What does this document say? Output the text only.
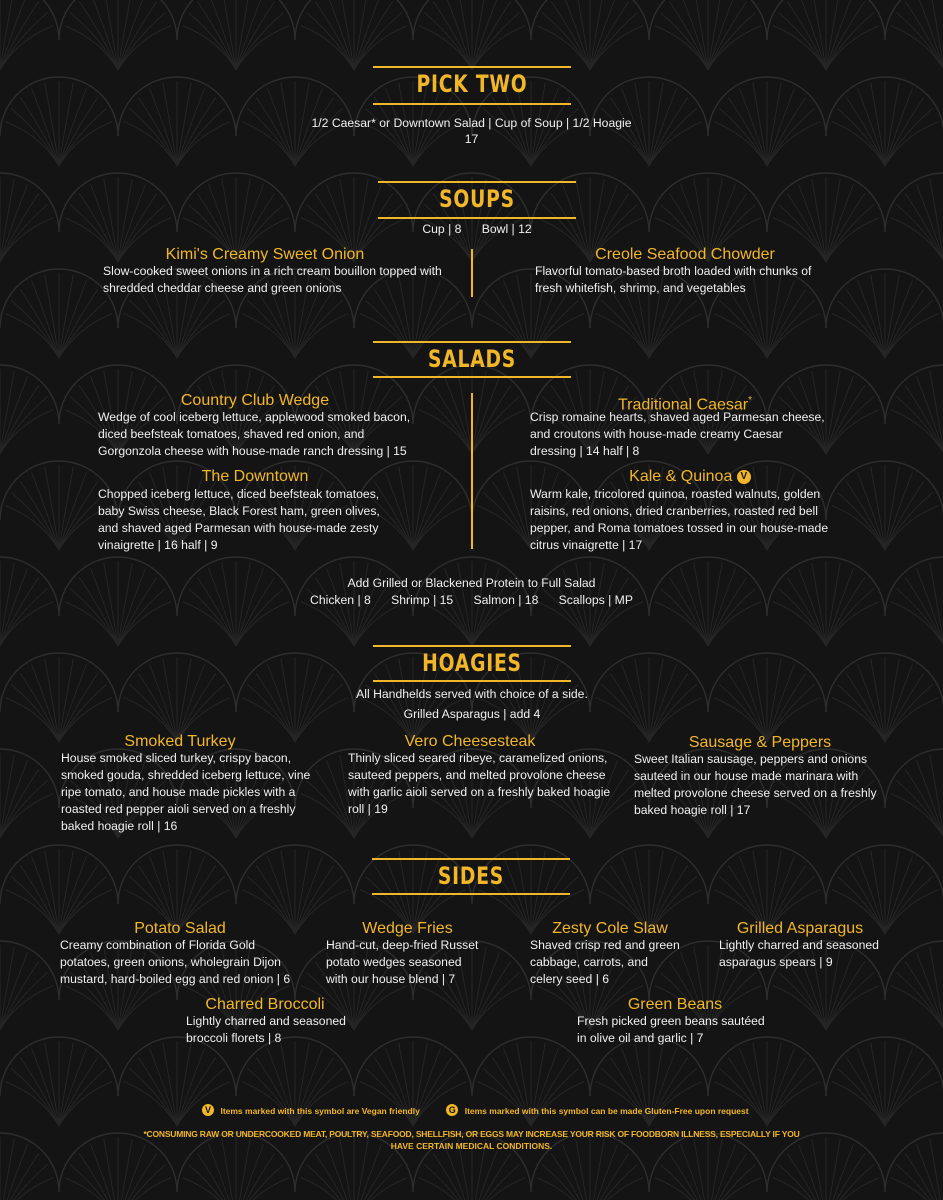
PICK TWO
1/2 Caesar* or Downtown Salad | Cup of Soup | 1/2 Hoagie
17
SOUPS
Cup | 8      Bowl | 12
Kimi's Creamy Sweet Onion
Slow-cooked sweet onions in a rich cream bouillon topped with shredded cheddar cheese and green onions
Creole Seafood Chowder
Flavorful tomato-based broth loaded with chunks of fresh whitefish, shrimp, and vegetables
SALADS
Country Club Wedge
Wedge of cool iceberg lettuce, applewood smoked bacon, diced beefsteak tomatoes, shaved red onion, and Gorgonzola cheese with house-made ranch dressing | 15
Traditional Caesar*
Crisp romaine hearts, shaved aged Parmesan cheese, and croutons with house-made creamy Caesar dressing | 14 half | 8
The Downtown
Chopped iceberg lettuce, diced beefsteak tomatoes, baby Swiss cheese, Black Forest ham, green olives, and shaved aged Parmesan with house-made zesty vinaigrette | 16 half | 9
Kale & Quinoa V
Warm kale, tricolored quinoa, roasted walnuts, golden raisins, red onions, dried cranberries, roasted red bell pepper, and Roma tomatoes tossed in our house-made citrus vinaigrette | 17
Add Grilled or Blackened Protein to Full Salad
Chicken | 8      Shrimp | 15      Salmon | 18      Scallops | MP
HOAGIES
All Handhelds served with choice of a side.
Grilled Asparagus | add 4
Smoked Turkey
House smoked sliced turkey, crispy bacon, smoked gouda, shredded iceberg lettuce, vine ripe tomato, and house made pickles with a roasted red pepper aioli served on a freshly baked hoagie roll | 16
Vero Cheesesteak
Thinly sliced seared ribeye, caramelized onions, sauteed peppers, and melted provolone cheese with garlic aioli served on a freshly baked hoagie roll | 19
Sausage & Peppers
Sweet Italian sausage, peppers and onions sauteed in our house made marinara with melted provolone cheese served on a freshly baked hoagie roll | 17
SIDES
Potato Salad
Creamy combination of Florida Gold potatoes, green onions, wholegrain Dijon mustard, hard-boiled egg and red onion | 6
Wedge Fries
Hand-cut, deep-fried Russet potato wedges seasoned with our house blend | 7
Zesty Cole Slaw
Shaved crisp red and green cabbage, carrots, and celery seed | 6
Grilled Asparagus
Lightly charred and seasoned asparagus spears | 9
Charred Broccoli
Lightly charred and seasoned broccoli florets | 8
Green Beans
Fresh picked green beans sautéed in olive oil and garlic | 7
V Items marked with this symbol are Vegan friendly	G Items marked with this symbol can be made Gluten-Free upon request
*CONSUMING RAW OR UNDERCOOKED MEAT, POULTRY, SEAFOOD, SHELLFISH, OR EGGS MAY INCREASE YOUR RISK OF FOODBORN ILLNESS, ESPECIALLY IF YOU
HAVE CERTAIN MEDICAL CONDITIONS.
